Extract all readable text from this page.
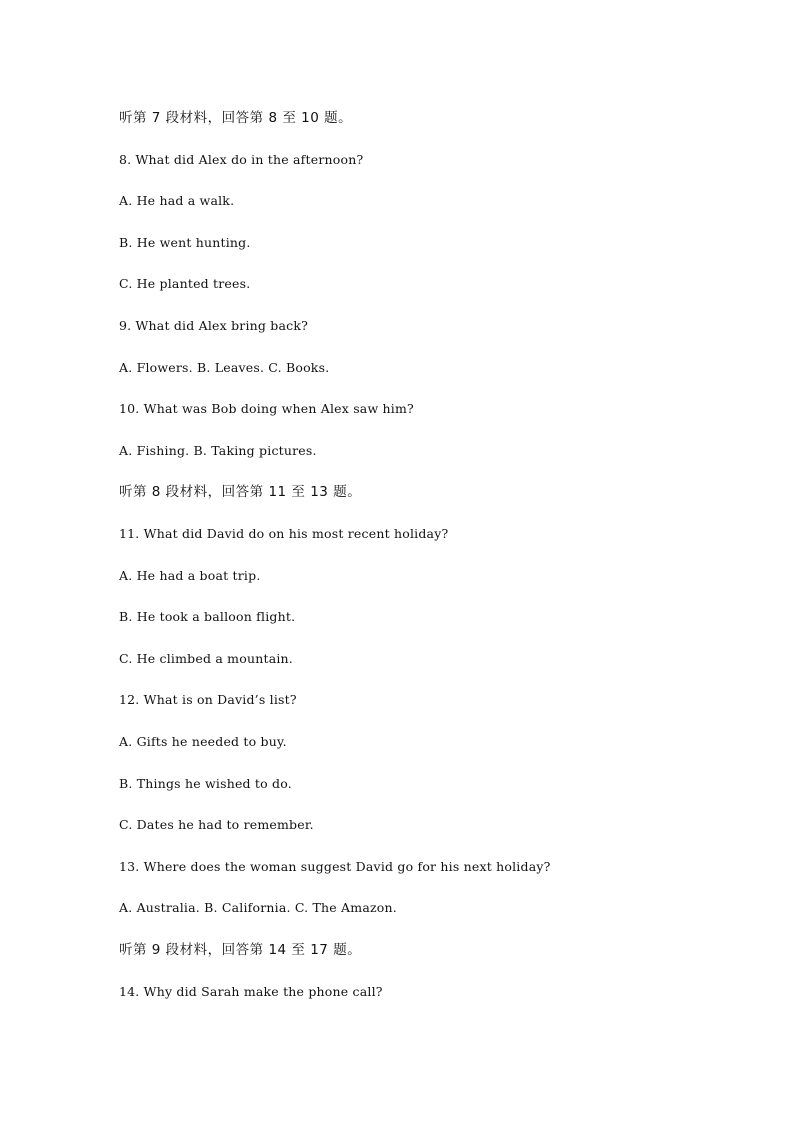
听第 7 段材料，回答第 8 至 10 题。
8. What did Alex do in the afternoon?
A. He had a walk.
B. He went hunting.
C. He planted trees.
9. What did Alex bring back?
A. Flowers. B. Leaves. C. Books.
10. What was Bob doing when Alex saw him?
A. Fishing. B. Taking pictures.
听第 8 段材料，回答第 11 至 13 题。
11. What did David do on his most recent holiday?
A. He had a boat trip.
B. He took a balloon flight.
C. He climbed a mountain.
12. What is on David’s list?
A. Gifts he needed to buy.
B. Things he wished to do.
C. Dates he had to remember.
13. Where does the woman suggest David go for his next holiday?
A. Australia. B. California. C. The Amazon.
听第 9 段材料，回答第 14 至 17 题。
14. Why did Sarah make the phone call?
